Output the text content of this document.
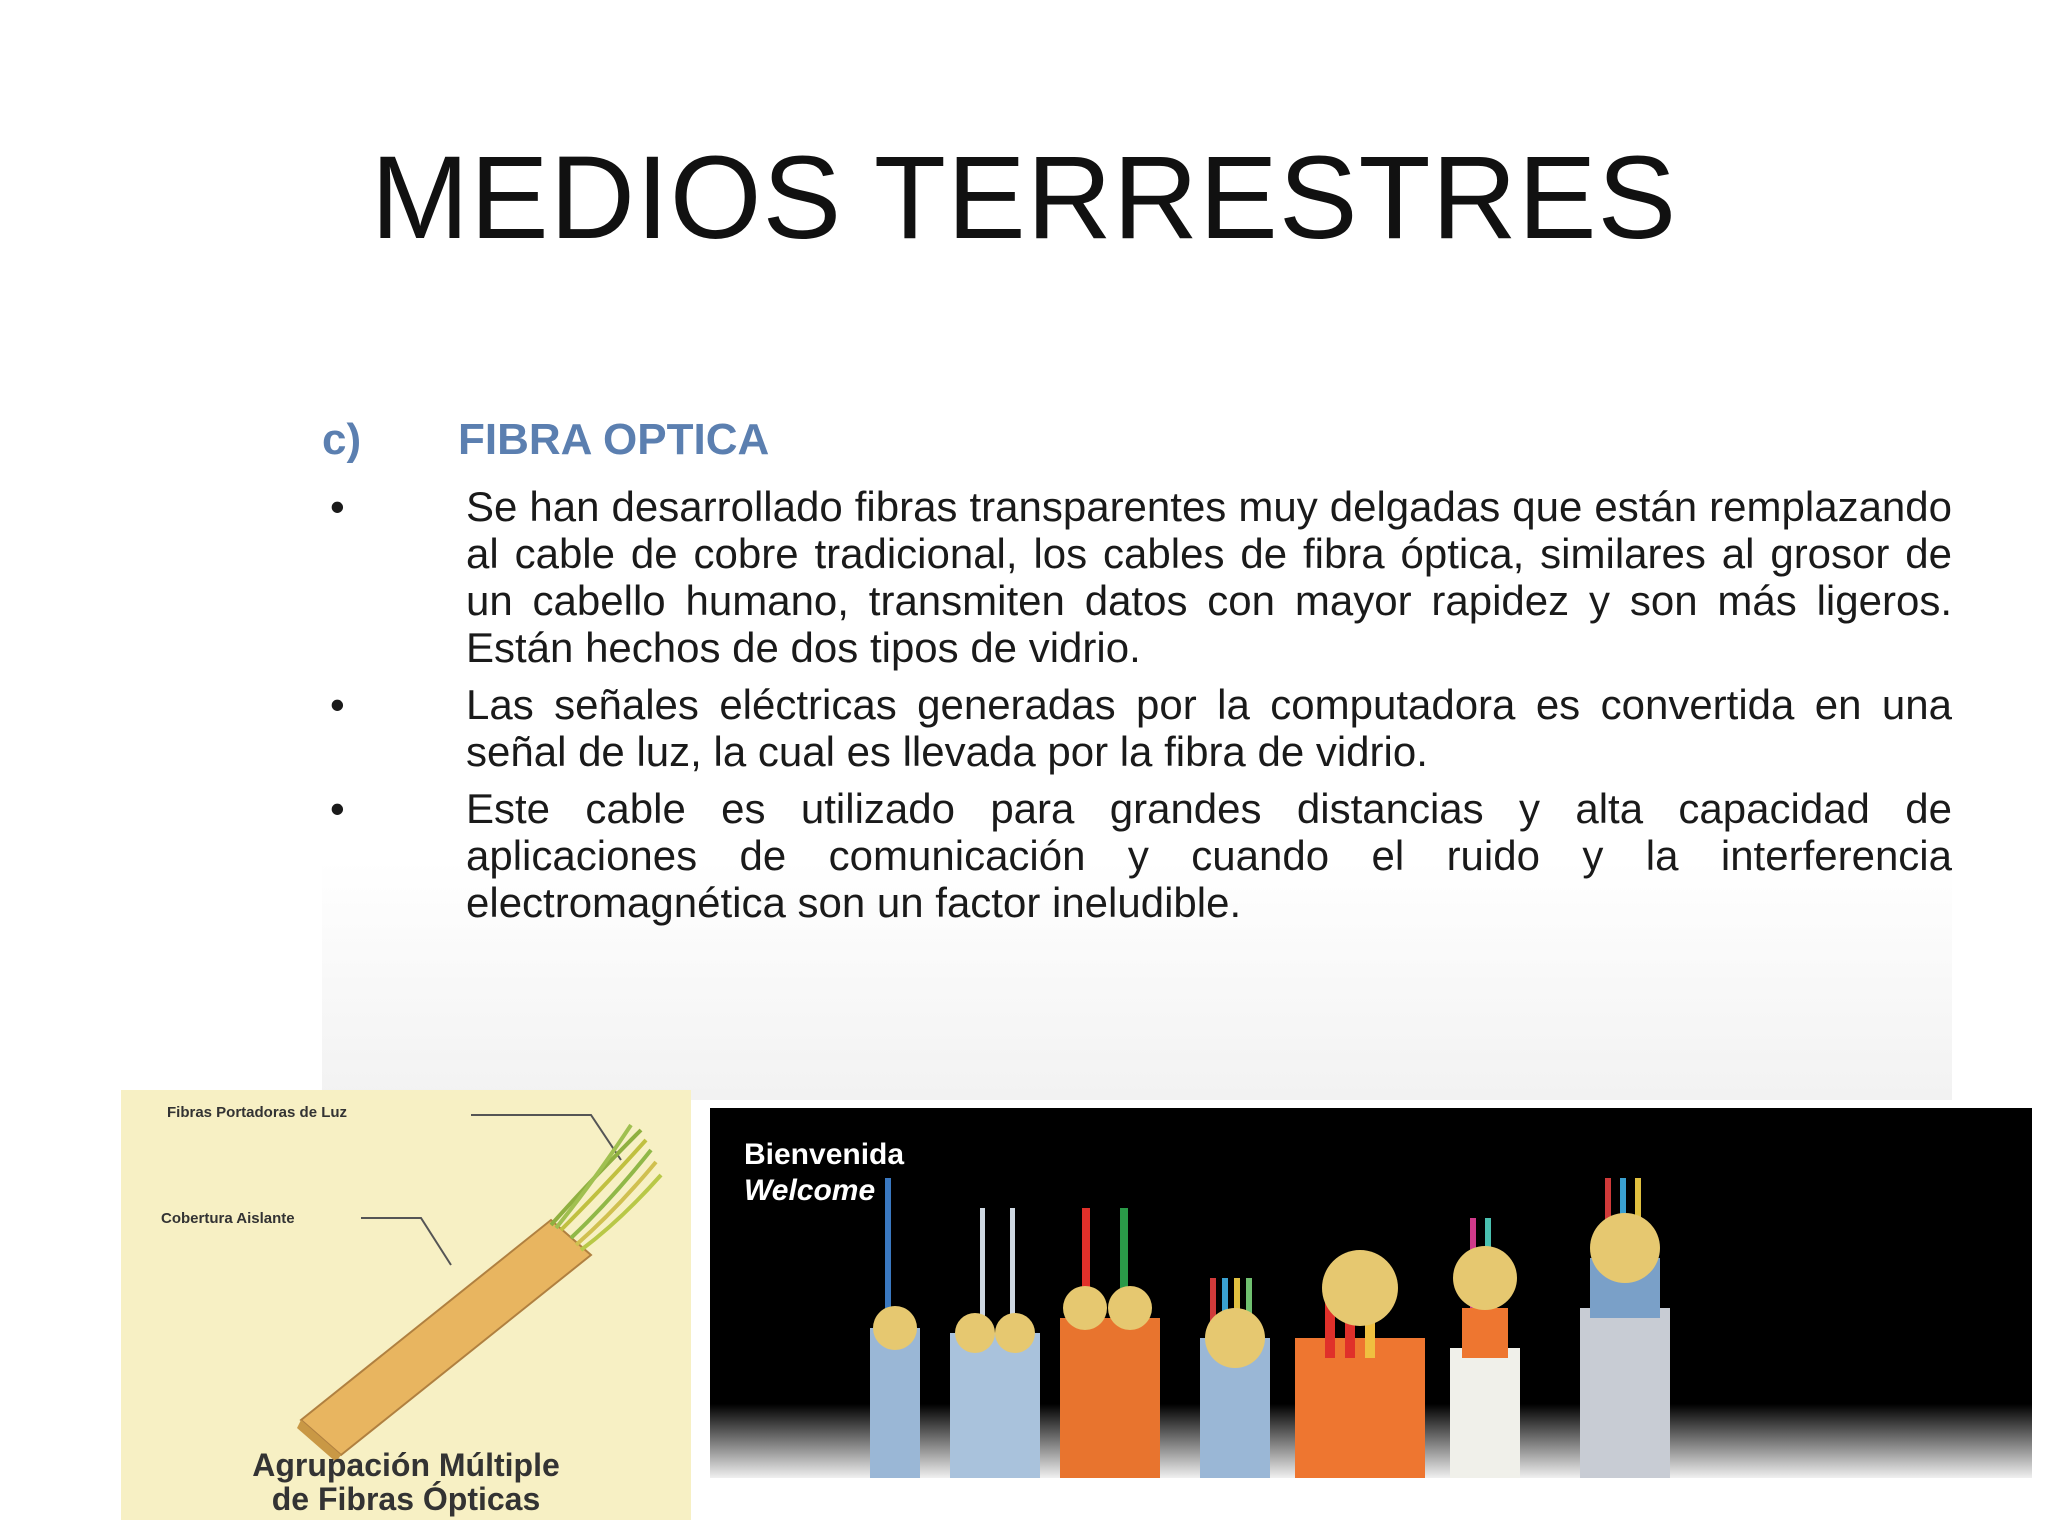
MEDIOS TERRESTRES
c)	FIBRA OPTICA
•	Se han desarrollado fibras transparentes muy delgadas que están remplazando al cable de cobre tradicional, los cables de fibra óptica, similares al grosor de un cabello humano, transmiten datos con mayor rapidez y son más ligeros. Están hechos de dos tipos de vidrio.
•	Las señales eléctricas generadas por la computadora es convertida en una señal de luz, la cual es llevada por la fibra de vidrio.
•	Este cable es utilizado para grandes distancias y alta capacidad de aplicaciones de comunicación y cuando el ruido y la interferencia electromagnética son un factor ineludible.
Fibras Portadoras de Luz
Cobertura Aislante
Agrupación Múltiple
de Fibras Ópticas
Bienvenida
Welcome
